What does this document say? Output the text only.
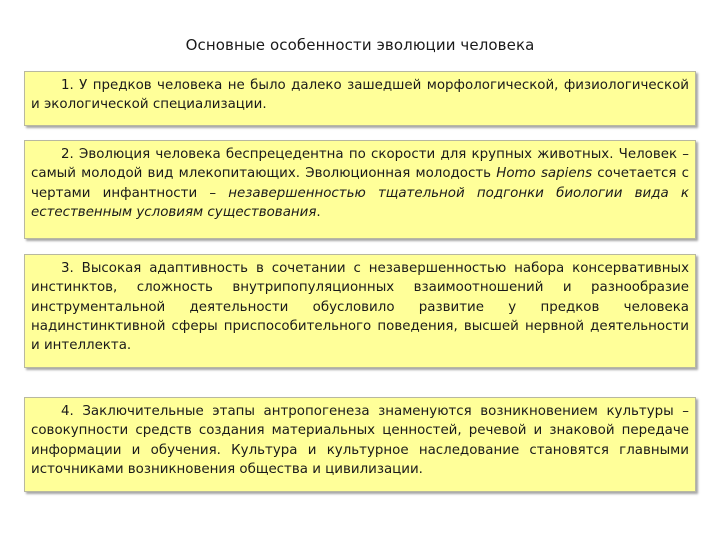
Основные особенности эволюции человека
1. У предков человека не было далеко зашедшей морфологической, физиологической и экологической специализации.
2. Эволюция человека беспрецедентна по скорости для крупных животных. Человек – самый молодой вид млекопитающих. Эволюционная молодость Homo sapiens сочетается с чертами инфантности – незавершенностью тщательной подгонки биологии вида к естественным условиям существования.
3. Высокая адаптивность в сочетании с незавершенностью набора консервативных инстинктов, сложность внутрипопуляционных взаимоотношений и разнообразие инструментальной деятельности обусловило развитие у предков человека надинстинктивной сферы приспособительного поведения, высшей нервной деятельности и интеллекта.
4. Заключительные этапы антропогенеза знаменуются возникновением культуры – совокупности средств создания материальных ценностей, речевой и знаковой передаче информации и обучения. Культура и культурное наследование становятся главными источниками возникновения общества и цивилизации.
